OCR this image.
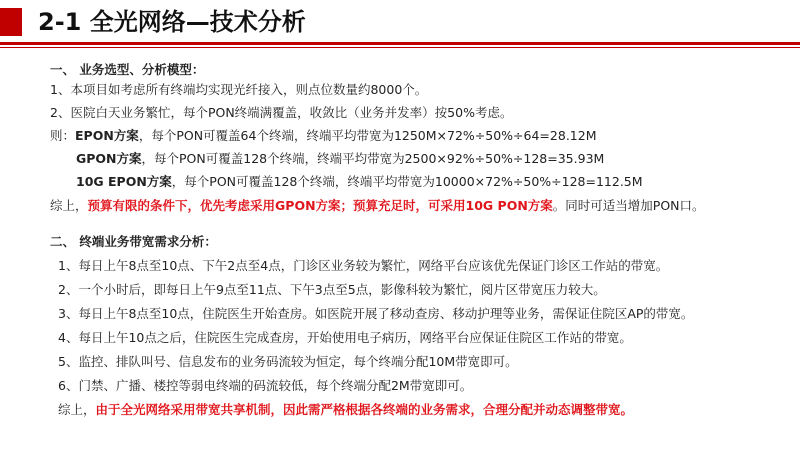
2-1 全光网络—技术分析
一、 业务选型、分析模型：
1、本项目如考虑所有终端均实现光纤接入，则点位数量约8000个。
2、医院白天业务繁忙，每个PON终端满覆盖，收敛比（业务并发率）按50%考虑。
则：EPON方案，每个PON可覆盖64个终端，终端平均带宽为1250M×72%÷50%÷64=28.12M
GPON方案，每个PON可覆盖128个终端，终端平均带宽为2500×92%÷50%÷128=35.93M
10G EPON方案，每个PON可覆盖128个终端，终端平均带宽为10000×72%÷50%÷128=112.5M
综上，预算有限的条件下，优先考虑采用GPON方案；预算充足时，可采用10G PON方案。同时可适当增加PON口。
二、 终端业务带宽需求分析：
1、每日上午8点至10点、下午2点至4点，门诊区业务较为繁忙，网络平台应该优先保证门诊区工作站的带宽。
2、一个小时后，即每日上午9点至11点、下午3点至5点，影像科较为繁忙，阅片区带宽压力较大。
3、每日上午8点至10点，住院医生开始查房。如医院开展了移动查房、移动护理等业务，需保证住院区AP的带宽。
4、每日上午10点之后，住院医生完成查房，开始使用电子病历，网络平台应保证住院区工作站的带宽。
5、监控、排队叫号、信息发布的业务码流较为恒定，每个终端分配10M带宽即可。
6、门禁、广播、楼控等弱电终端的码流较低，每个终端分配2M带宽即可。
综上，由于全光网络采用带宽共享机制，因此需严格根据各终端的业务需求，合理分配并动态调整带宽。
